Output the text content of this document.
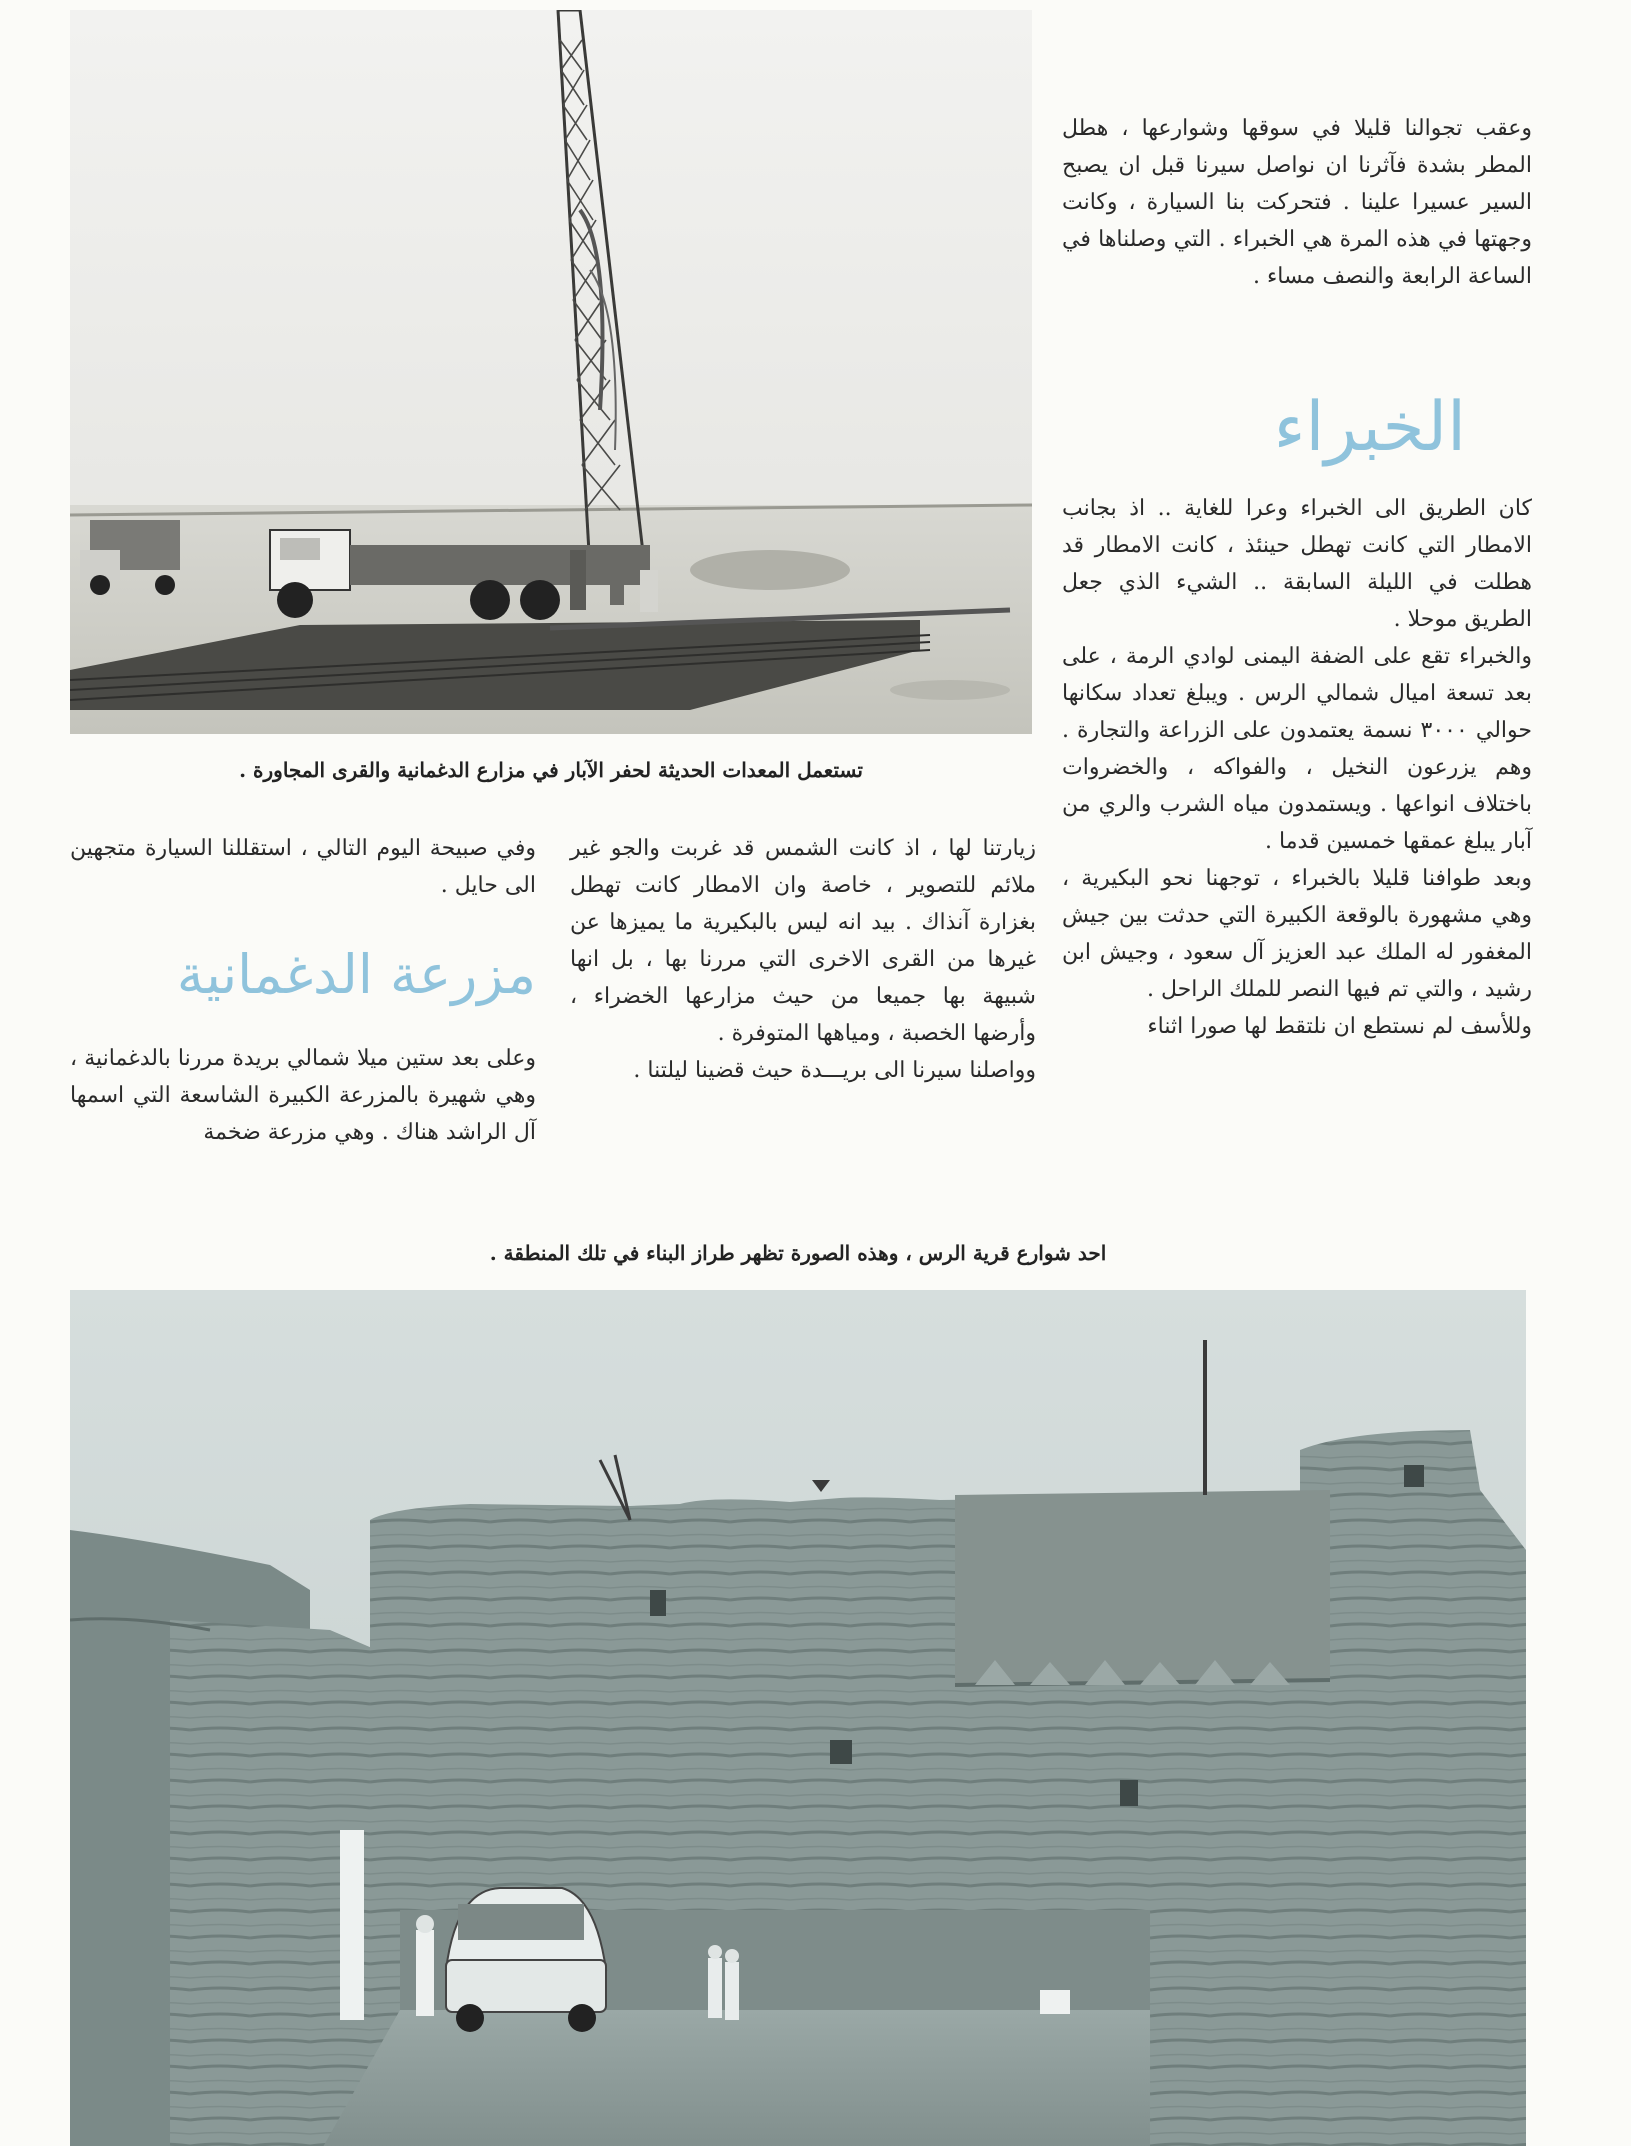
تستعمل المعدات الحديثة لحفر الآبار في مزارع الدغمانية والقرى المجاورة .

وعقب تجوالنا قليلا في سوقها وشوارعها ، هطل المطر بشدة فآثرنا ان نواصل سيرنا قبل ان يصبح السير عسيرا علينا . فتحركت بنا السيارة ، وكانت وجهتها في هذه المرة هي الخبراء . التي وصلناها في الساعة الرابعة والنصف مساء .

الخبراء

كان الطريق الى الخبراء وعرا للغاية .. اذ بجانب الامطار التي كانت تهطل حينئذ ، كانت الامطار قد هطلت في الليلة السابقة .. الشيء الذي جعل الطريق موحلا .

والخبراء تقع على الضفة اليمنى لوادي الرمة ، على بعد تسعة اميال شمالي الرس . ويبلغ تعداد سكانها حوالي ٣٠٠٠ نسمة يعتمدون على الزراعة والتجارة . وهم يزرعون النخيل ، والفواكه ، والخضروات باختلاف انواعها . ويستمدون مياه الشرب والري من آبار يبلغ عمقها خمسين قدما .

وبعد طوافنا قليلا بالخبراء ، توجهنا نحو البكيرية ، وهي مشهورة بالوقعة الكبيرة التي حدثت بين جيش المغفور له الملك عبد العزيز آل سعود ، وجيش ابن رشيد ، والتي تم فيها النصر للملك الراحل .

وللأسف لم نستطع ان نلتقط لها صورا اثناء

زيارتنا لها ، اذ كانت الشمس قد غربت والجو غير ملائم للتصوير ، خاصة وان الامطار كانت تهطل بغزارة آنذاك . بيد انه ليس بالبكيرية ما يميزها عن غيرها من القرى الاخرى التي مررنا بها ، بل انها شبيهة بها جميعا من حيث مزارعها الخضراء ، وأرضها الخصبة ، ومياهها المتوفرة .

وواصلنا سيرنا الى بريـــدة حيث قضينا ليلتنا .

وفي صبيحة اليوم التالي ، استقللنا السيارة متجهين الى حايل .

مزرعة الدغمانية

وعلى بعد ستين ميلا شمالي بريدة مررنا بالدغمانية ، وهي شهيرة بالمزرعة الكبيرة الشاسعة التي اسمها آل الراشد هناك . وهي مزرعة ضخمة

احد شوارع قرية الرس ، وهذه الصورة تظهر طراز البناء في تلك المنطقة .
